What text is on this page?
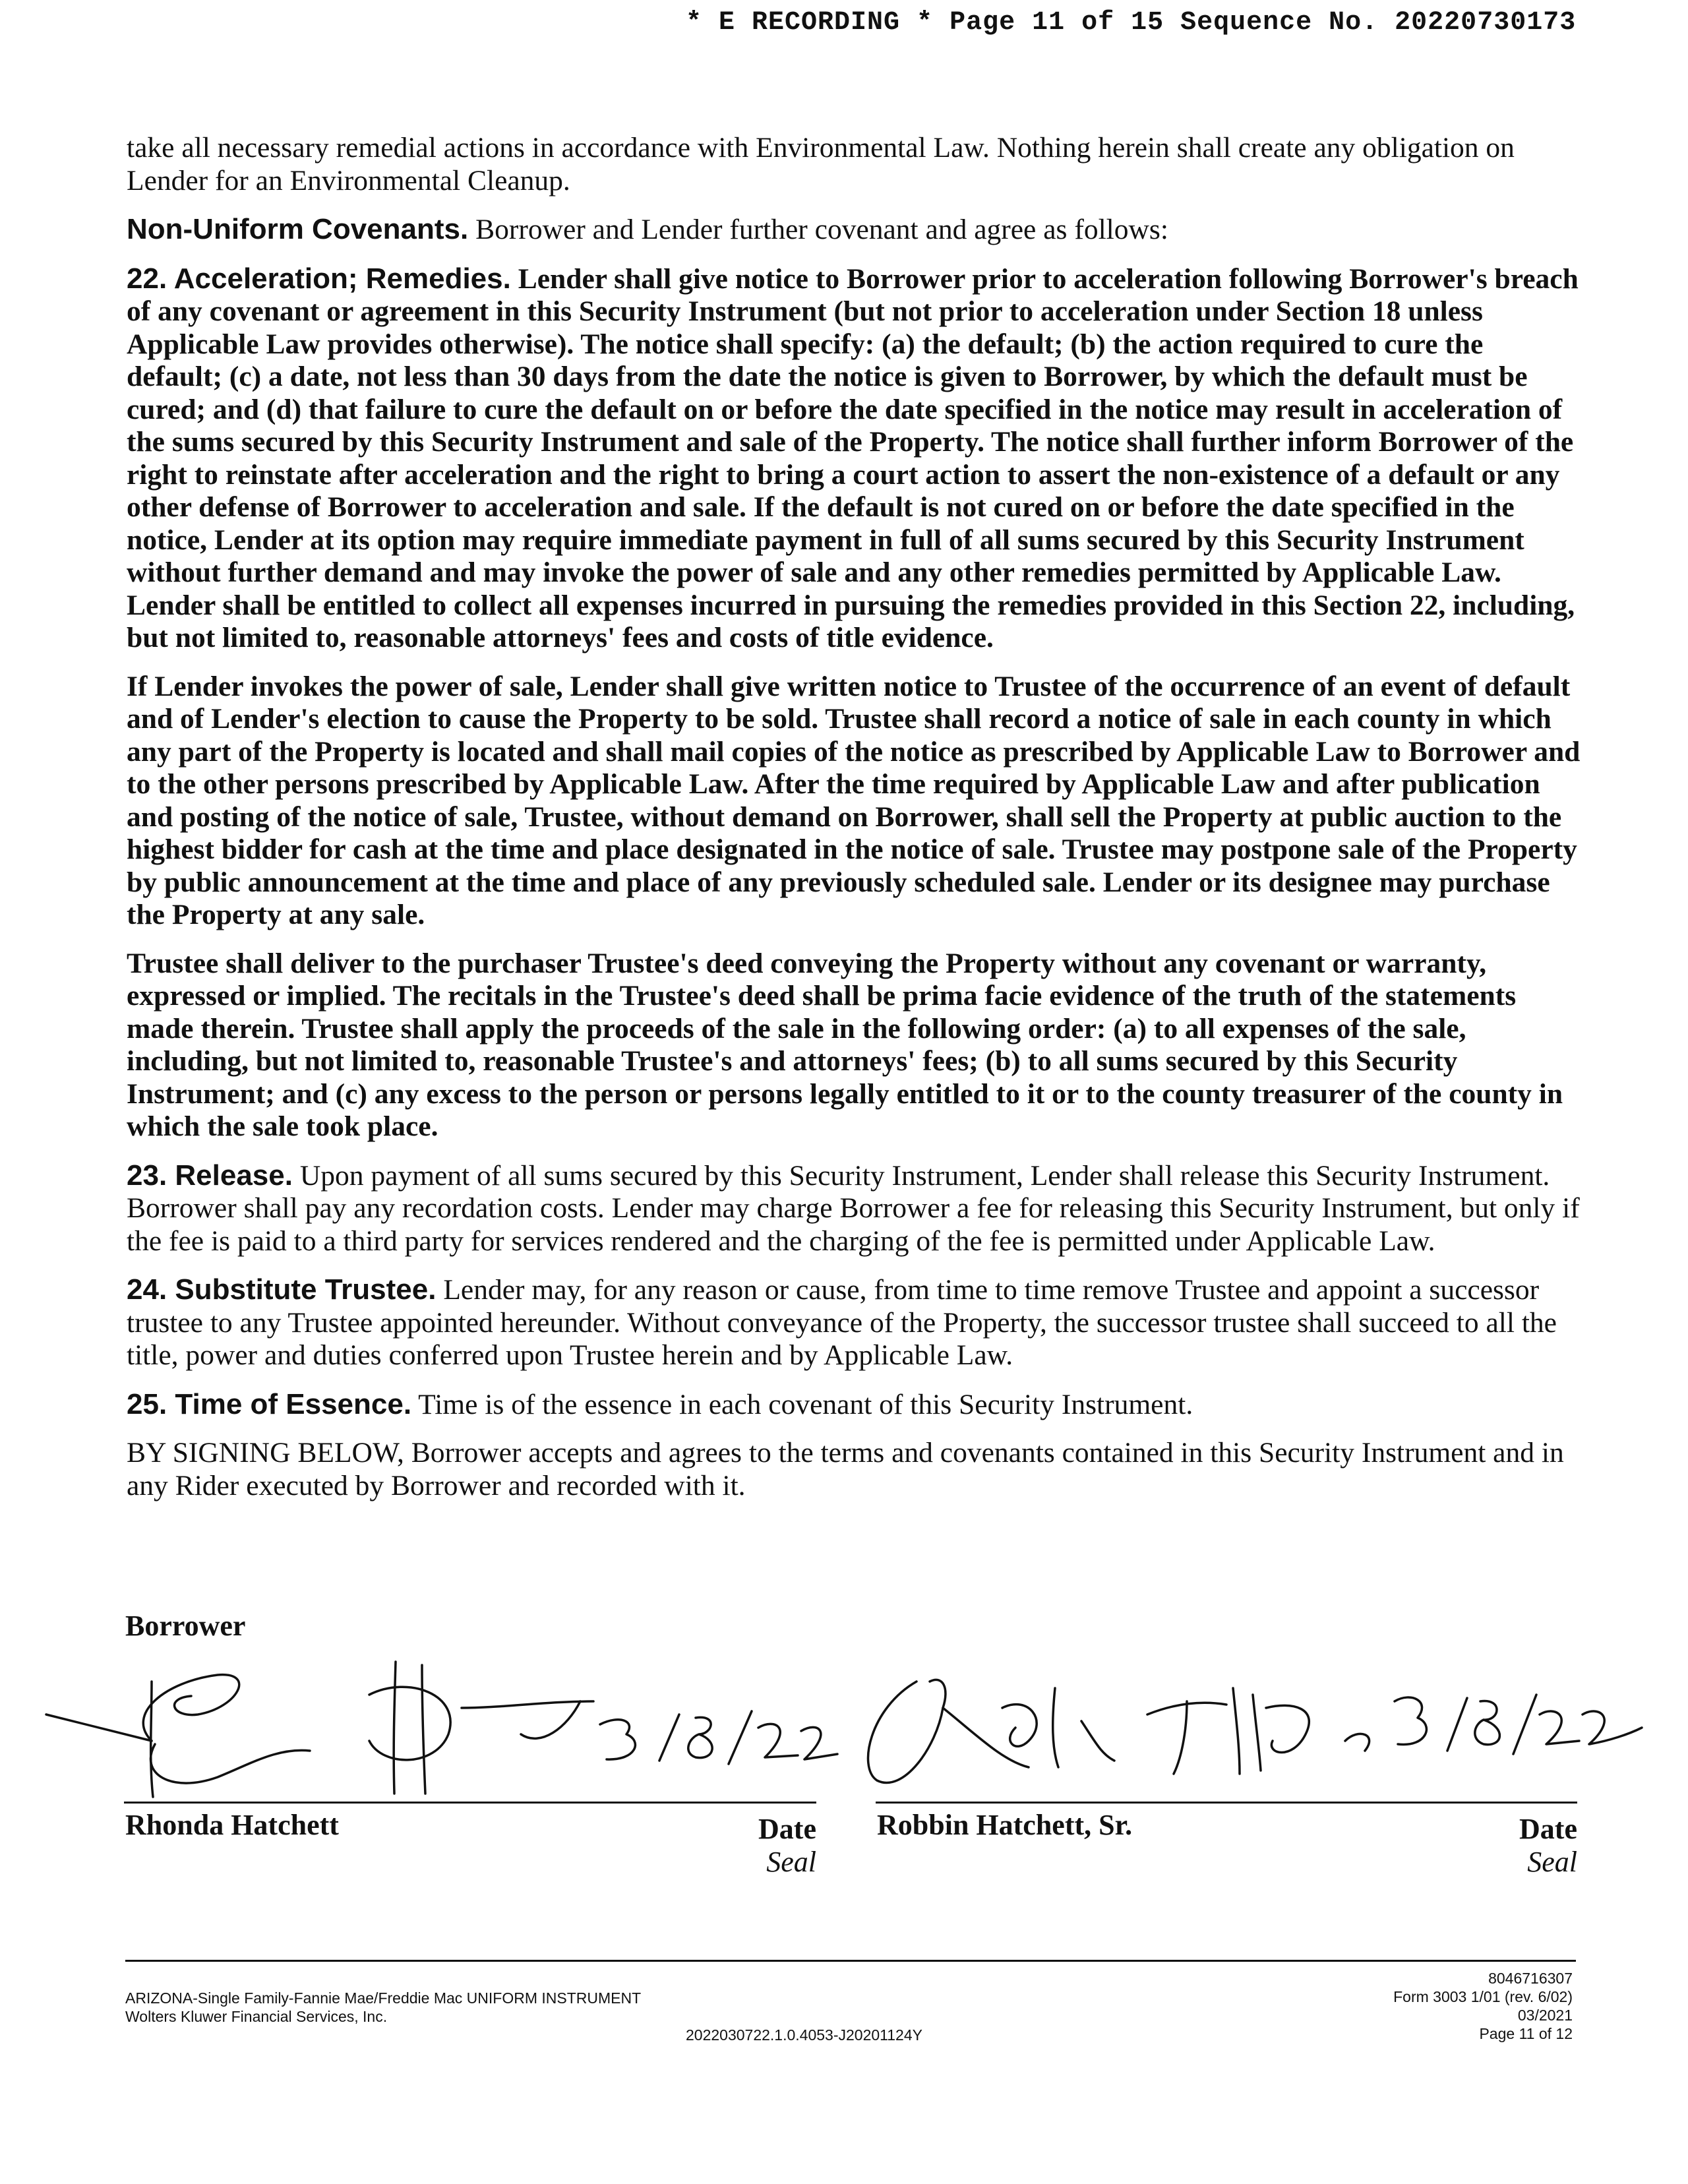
* E RECORDING * Page 11 of 15 Sequence No. 20220730173

take all necessary remedial actions in accordance with Environmental Law. Nothing herein shall create any obligation on Lender for an Environmental Cleanup.

Non-Uniform Covenants. Borrower and Lender further covenant and agree as follows:

22. Acceleration; Remedies. Lender shall give notice to Borrower prior to acceleration following Borrower's breach of any covenant or agreement in this Security Instrument (but not prior to acceleration under Section 18 unless Applicable Law provides otherwise). The notice shall specify: (a) the default; (b) the action required to cure the default; (c) a date, not less than 30 days from the date the notice is given to Borrower, by which the default must be cured; and (d) that failure to cure the default on or before the date specified in the notice may result in acceleration of the sums secured by this Security Instrument and sale of the Property. The notice shall further inform Borrower of the right to reinstate after acceleration and the right to bring a court action to assert the non-existence of a default or any other defense of Borrower to acceleration and sale. If the default is not cured on or before the date specified in the notice, Lender at its option may require immediate payment in full of all sums secured by this Security Instrument without further demand and may invoke the power of sale and any other remedies permitted by Applicable Law. Lender shall be entitled to collect all expenses incurred in pursuing the remedies provided in this Section 22, including, but not limited to, reasonable attorneys' fees and costs of title evidence.

If Lender invokes the power of sale, Lender shall give written notice to Trustee of the occurrence of an event of default and of Lender's election to cause the Property to be sold. Trustee shall record a notice of sale in each county in which any part of the Property is located and shall mail copies of the notice as prescribed by Applicable Law to Borrower and to the other persons prescribed by Applicable Law. After the time required by Applicable Law and after publication and posting of the notice of sale, Trustee, without demand on Borrower, shall sell the Property at public auction to the highest bidder for cash at the time and place designated in the notice of sale. Trustee may postpone sale of the Property by public announcement at the time and place of any previously scheduled sale. Lender or its designee may purchase the Property at any sale.

Trustee shall deliver to the purchaser Trustee's deed conveying the Property without any covenant or warranty, expressed or implied. The recitals in the Trustee's deed shall be prima facie evidence of the truth of the statements made therein. Trustee shall apply the proceeds of the sale in the following order: (a) to all expenses of the sale, including, but not limited to, reasonable Trustee's and attorneys' fees; (b) to all sums secured by this Security Instrument; and (c) any excess to the person or persons legally entitled to it or to the county treasurer of the county in which the sale took place.

23. Release. Upon payment of all sums secured by this Security Instrument, Lender shall release this Security Instrument. Borrower shall pay any recordation costs. Lender may charge Borrower a fee for releasing this Security Instrument, but only if the fee is paid to a third party for services rendered and the charging of the fee is permitted under Applicable Law.

24. Substitute Trustee. Lender may, for any reason or cause, from time to time remove Trustee and appoint a successor trustee to any Trustee appointed hereunder. Without conveyance of the Property, the successor trustee shall succeed to all the title, power and duties conferred upon Trustee herein and by Applicable Law.

25. Time of Essence. Time is of the essence in each covenant of this Security Instrument.

BY SIGNING BELOW, Borrower accepts and agrees to the terms and covenants contained in this Security Instrument and in any Rider executed by Borrower and recorded with it.

Borrower
Rhonda Hatchett	Date
Seal
Robbin Hatchett, Sr.	Date
Seal
ARIZONA-Single Family-Fannie Mae/Freddie Mac UNIFORM INSTRUMENT
Wolters Kluwer Financial Services, Inc.
2022030722.1.0.4053-J20201124Y
8046716307
Form 3003 1/01 (rev. 6/02)
03/2021
Page 11 of 12
